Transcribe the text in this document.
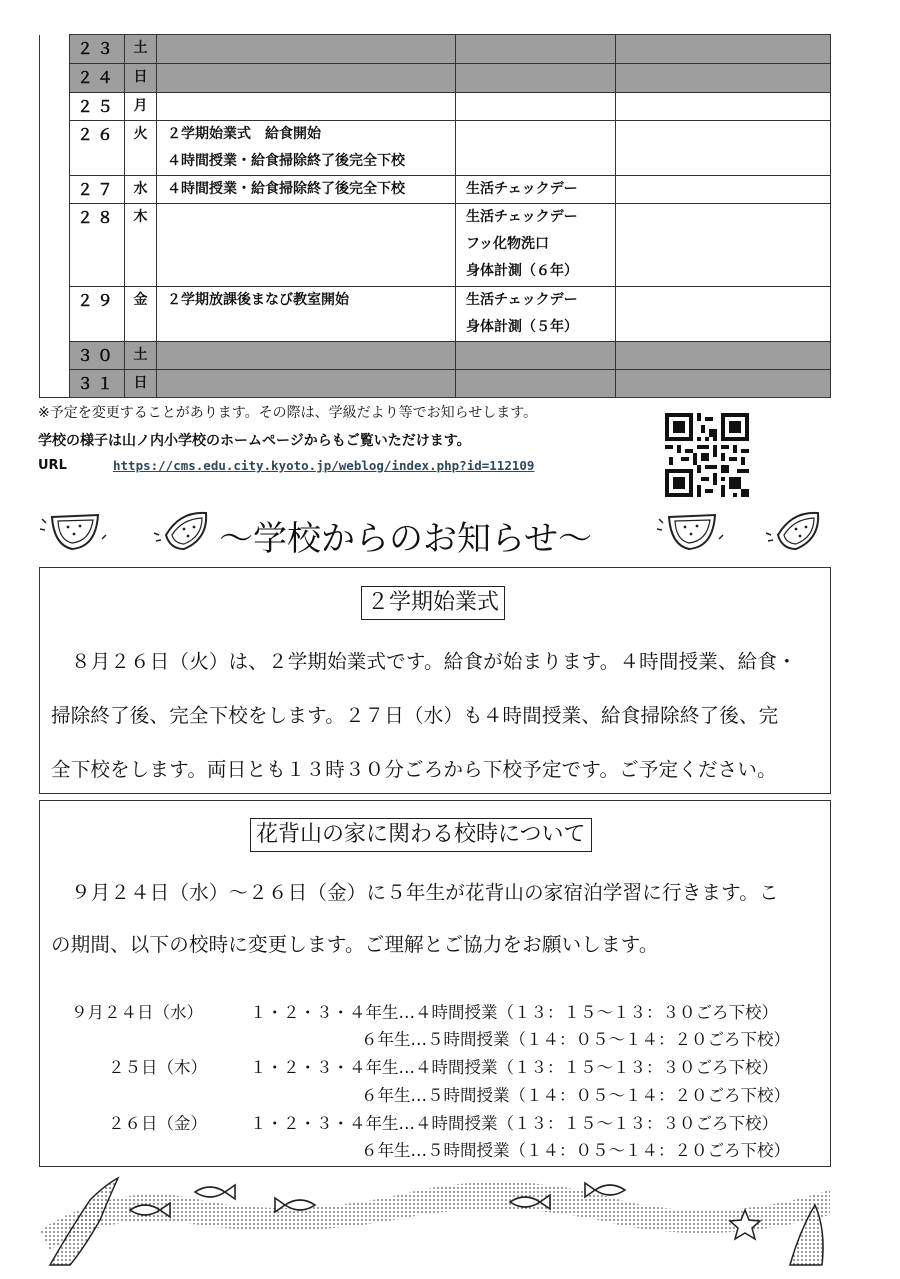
	２３	土			
	２４	日			
	２５	月			
	２６	火	２学期始業式　給食開始
４時間授業・給食掃除終了後完全下校		

	２７	水	４時間授業・給食掃除終了後完全下校	生活チェックデー	

	２８	木		生活チェックデー
フッ化物洗口
身体計測（６年）	

	２９	金	２学期放課後まなび教室開始	生活チェックデー
身体計測（５年）	

	３０	土			
	３１	日			
※予定を変更することがあります。その際は、学級だより等でお知らせします。
学校の様子は山ノ内小学校のホームページからもご覧いただけます。
URL	https://cms.edu.city.kyoto.jp/weblog/index.php?id=112109
～学校からのお知らせ～
２学期始業式
８月２６日（火）は、２学期始業式です。給食が始まります。４時間授業、給食・
掃除終了後、完全下校をします。２７日（水）も４時間授業、給食掃除終了後、完
全下校をします。両日とも１３時３０分ごろから下校予定です。ご予定ください。
花背山の家に関わる校時について
９月２４日（水）～２６日（金）に５年生が花背山の家宿泊学習に行きます。こ
の期間、以下の校時に変更します。ご理解とご協力をお願いします。
９月２４日（水）	１・２・３・４年生…４時間授業（１３：１５～１３：３０ごろ下校）
６年生…５時間授業（１４：０５～１４：２０ごろ下校）
２５日（木）	１・２・３・４年生…４時間授業（１３：１５～１３：３０ごろ下校）
６年生…５時間授業（１４：０５～１４：２０ごろ下校）
２６日（金）	１・２・３・４年生…４時間授業（１３：１５～１３：３０ごろ下校）
６年生…５時間授業（１４：０５～１４：２０ごろ下校）
